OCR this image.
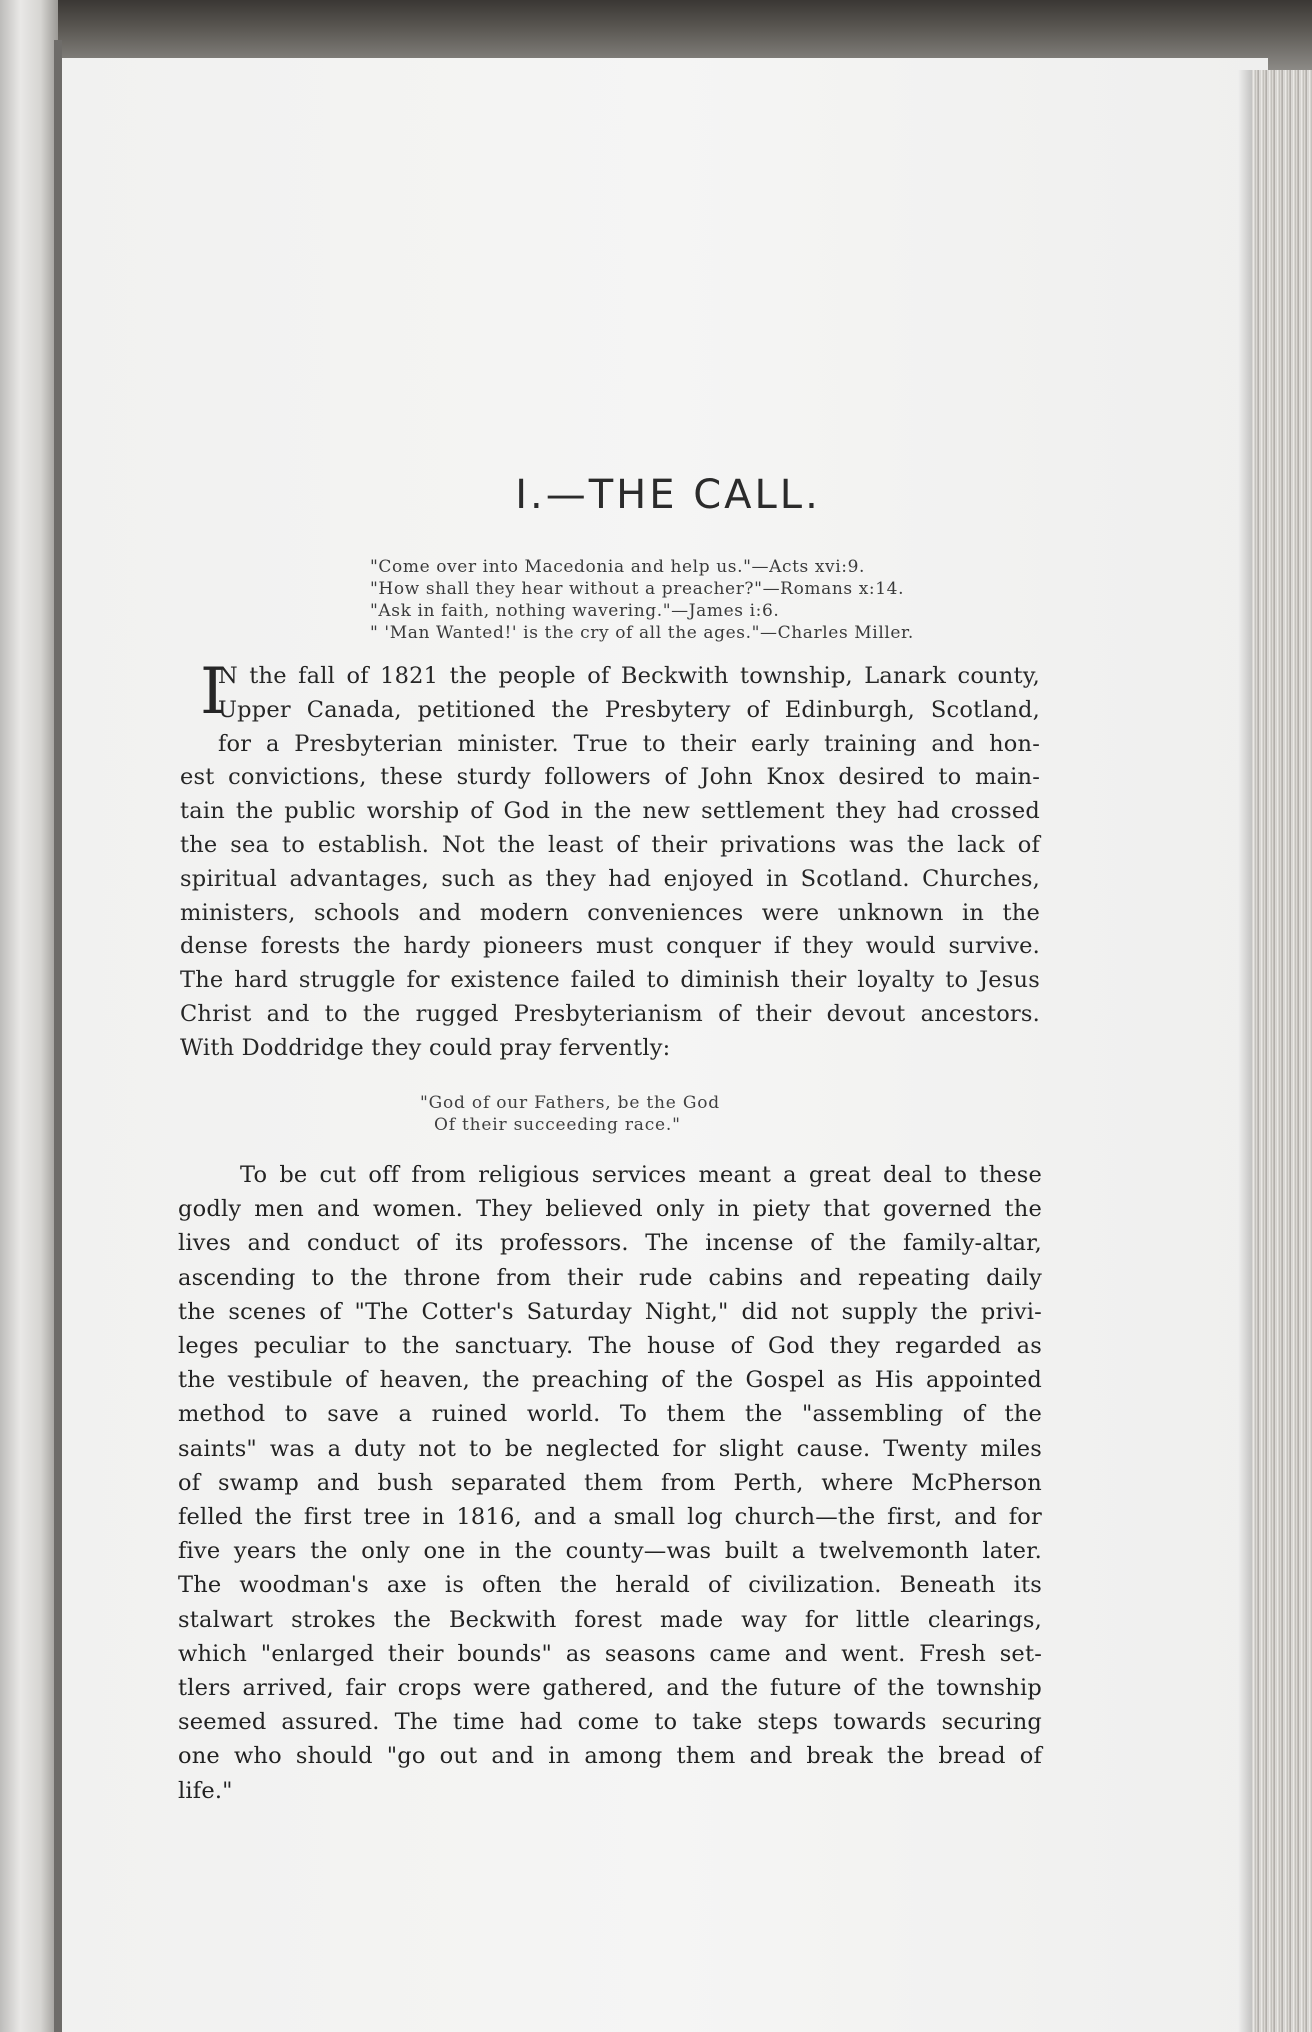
I.—THE CALL.
"Come over into Macedonia and help us."—Acts xvi:9.
"How shall they hear without a preacher?"—Romans x:14.
"Ask in faith, nothing wavering."—James i:6.
" 'Man Wanted!' is the cry of all the ages."—Charles Miller.
I
N the fall of 1821 the people of Beckwith township, Lanark county,
Upper Canada, petitioned the Presbytery of Edinburgh, Scotland,
for a Presbyterian minister. True to their early training and hon-
est convictions, these sturdy followers of John Knox desired to main-
tain the public worship of God in the new settlement they had crossed
the sea to establish. Not the least of their privations was the lack of
spiritual advantages, such as they had enjoyed in Scotland. Churches,
ministers, schools and modern conveniences were unknown in the
dense forests the hardy pioneers must conquer if they would survive.
The hard struggle for existence failed to diminish their loyalty to Jesus
Christ and to the rugged Presbyterianism of their devout ancestors.
With Doddridge they could pray fervently:
"God of our Fathers, be the God
Of their succeeding race."
To be cut off from religious services meant a great deal to these
godly men and women. They believed only in piety that governed the
lives and conduct of its professors. The incense of the family-altar,
ascending to the throne from their rude cabins and repeating daily
the scenes of "The Cotter's Saturday Night," did not supply the privi-
leges peculiar to the sanctuary. The house of God they regarded as
the vestibule of heaven, the preaching of the Gospel as His appointed
method to save a ruined world. To them the "assembling of the
saints" was a duty not to be neglected for slight cause. Twenty miles
of swamp and bush separated them from Perth, where McPherson
felled the first tree in 1816, and a small log church—the first, and for
five years the only one in the county—was built a twelvemonth later.
The woodman's axe is often the herald of civilization. Beneath its
stalwart strokes the Beckwith forest made way for little clearings,
which "enlarged their bounds" as seasons came and went. Fresh set-
tlers arrived, fair crops were gathered, and the future of the township
seemed assured. The time had come to take steps towards securing
one who should "go out and in among them and break the bread of
life."
